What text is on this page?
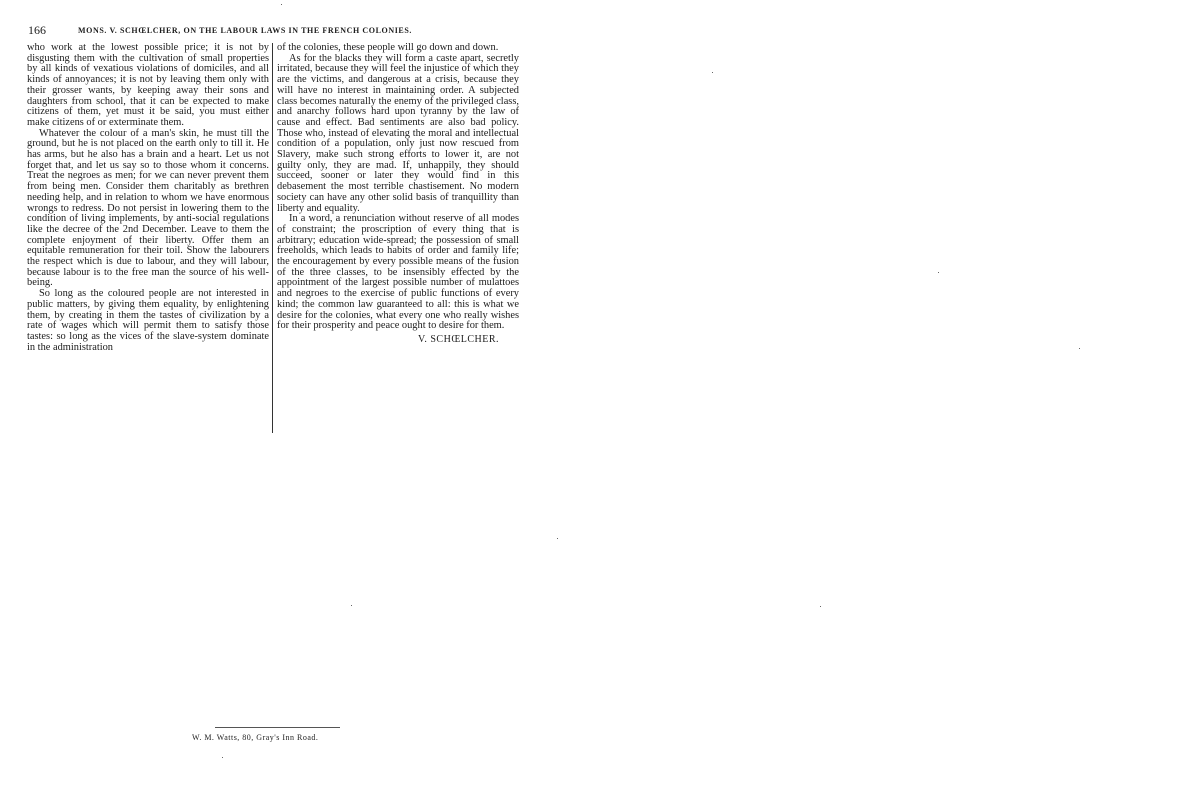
166	MONS. V. SCHŒLCHER, ON THE LABOUR LAWS IN THE FRENCH COLONIES.

who work at the lowest possible price; it is not by disgusting them with the cultivation of small properties by all kinds of vexatious violations of domiciles, and all kinds of annoyances; it is not by leaving them only with their grosser wants, by keeping away their sons and daughters from school, that it can be expected to make citizens of them, yet must it be said, you must either make citizens of or exterminate them.

Whatever the colour of a man's skin, he must till the ground, but he is not placed on the earth only to till it. He has arms, but he also has a brain and a heart. Let us not forget that, and let us say so to those whom it concerns. Treat the negroes as men; for we can never prevent them from being men. Consider them charitably as brethren needing help, and in relation to whom we have enormous wrongs to redress. Do not persist in lowering them to the condition of living implements, by anti-social regulations like the decree of the 2nd December. Leave to them the complete enjoyment of their liberty. Offer them an equitable remuneration for their toil. Show the labourers the respect which is due to labour, and they will labour, because labour is to the free man the source of his well-being.

So long as the coloured people are not interested in public matters, by giving them equality, by enlightening them, by creating in them the tastes of civilization by a rate of wages which will permit them to satisfy those tastes: so long as the vices of the slave-system dominate in the administration

of the colonies, these people will go down and down.

As for the blacks they will form a caste apart, secretly irritated, because they will feel the injustice of which they are the victims, and dangerous at a crisis, because they will have no interest in maintaining order. A subjected class becomes naturally the enemy of the privileged class, and anarchy follows hard upon tyranny by the law of cause and effect. Bad sentiments are also bad policy. Those who, instead of elevating the moral and intellectual condition of a population, only just now rescued from Slavery, make such strong efforts to lower it, are not guilty only, they are mad. If, unhappily, they should succeed, sooner or later they would find in this debasement the most terrible chastisement. No modern society can have any other solid basis of tranquillity than liberty and equality.

In a word, a renunciation without reserve of all modes of constraint; the proscription of every thing that is arbitrary; education wide-spread; the possession of small freeholds, which leads to habits of order and family life; the encouragement by every possible means of the fusion of the three classes, to be insensibly effected by the appointment of the largest possible number of mulattoes and negroes to the exercise of public functions of every kind; the common law guaranteed to all: this is what we desire for the colonies, what every one who really wishes for their prosperity and peace ought to desire for them.

V. SCHŒLCHER.
W. M. Watts, 80, Gray's Inn Road.
